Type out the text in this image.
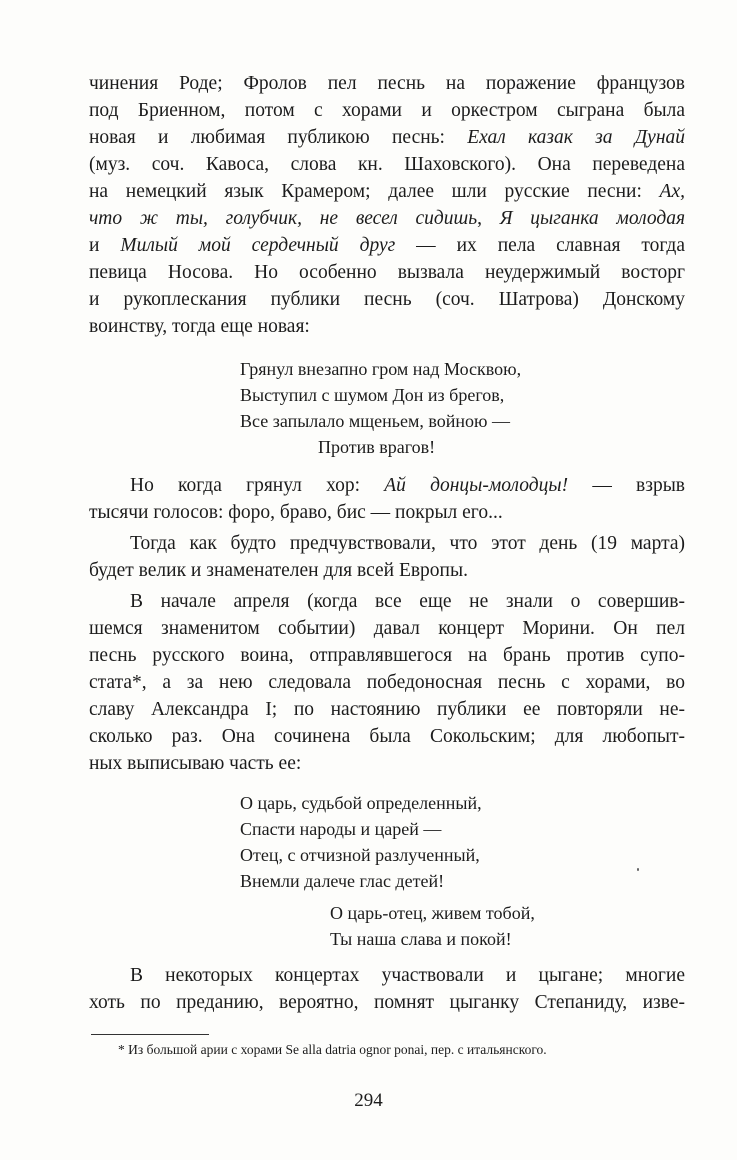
чинения Роде; Фролов пел песнь на поражение французов
под Бриенном, потом с хорами и оркестром сыграна была
новая и любимая публикою песнь: Ехал казак за Дунай
(муз. соч. Кавоса, слова кн. Шаховского). Она переведена
на немецкий язык Крамером; далее шли русские песни: Ах,
что ж ты, голубчик, не весел сидишь, Я цыганка молодая
и Милый мой сердечный друг — их пела славная тогда
певица Носова. Но особенно вызвала неудержимый восторг
и рукоплескания публики песнь (соч. Шатрова) Донскому
воинству, тогда еще новая:
Грянул внезапно гром над Москвою,
Выступил с шумом Дон из брегов,
Все запылало мщеньем, войною —
Против врагов!
Но когда грянул хор: Ай донцы-молодцы! — взрыв
тысячи голосов: форо, браво, бис — покрыл его...
Тогда как будто предчувствовали, что этот день (19 марта)
будет велик и знаменателен для всей Европы.
В начале апреля (когда все еще не знали о совершив-
шемся знаменитом событии) давал концерт Морини. Он пел
песнь русского воина, отправлявшегося на брань против супо-
стата*, а за нею следовала победоносная песнь с хорами, во
славу Александра I; по настоянию публики ее повторяли не-
сколько раз. Она сочинена была Сокольским; для любопыт-
ных выписываю часть ее:
О царь, судьбой определенный,
Спасти народы и царей —
Отец, с отчизной разлученный,
Внемли далече глас детей!
О царь-отец, живем тобой,
Ты наша слава и покой!
В некоторых концертах участвовали и цыгане; многие
хоть по преданию, вероятно, помнят цыганку Степаниду, изве-
* Из большой арии с хорами Se alla datria ognor ponai, пер. с итальянского.
294
